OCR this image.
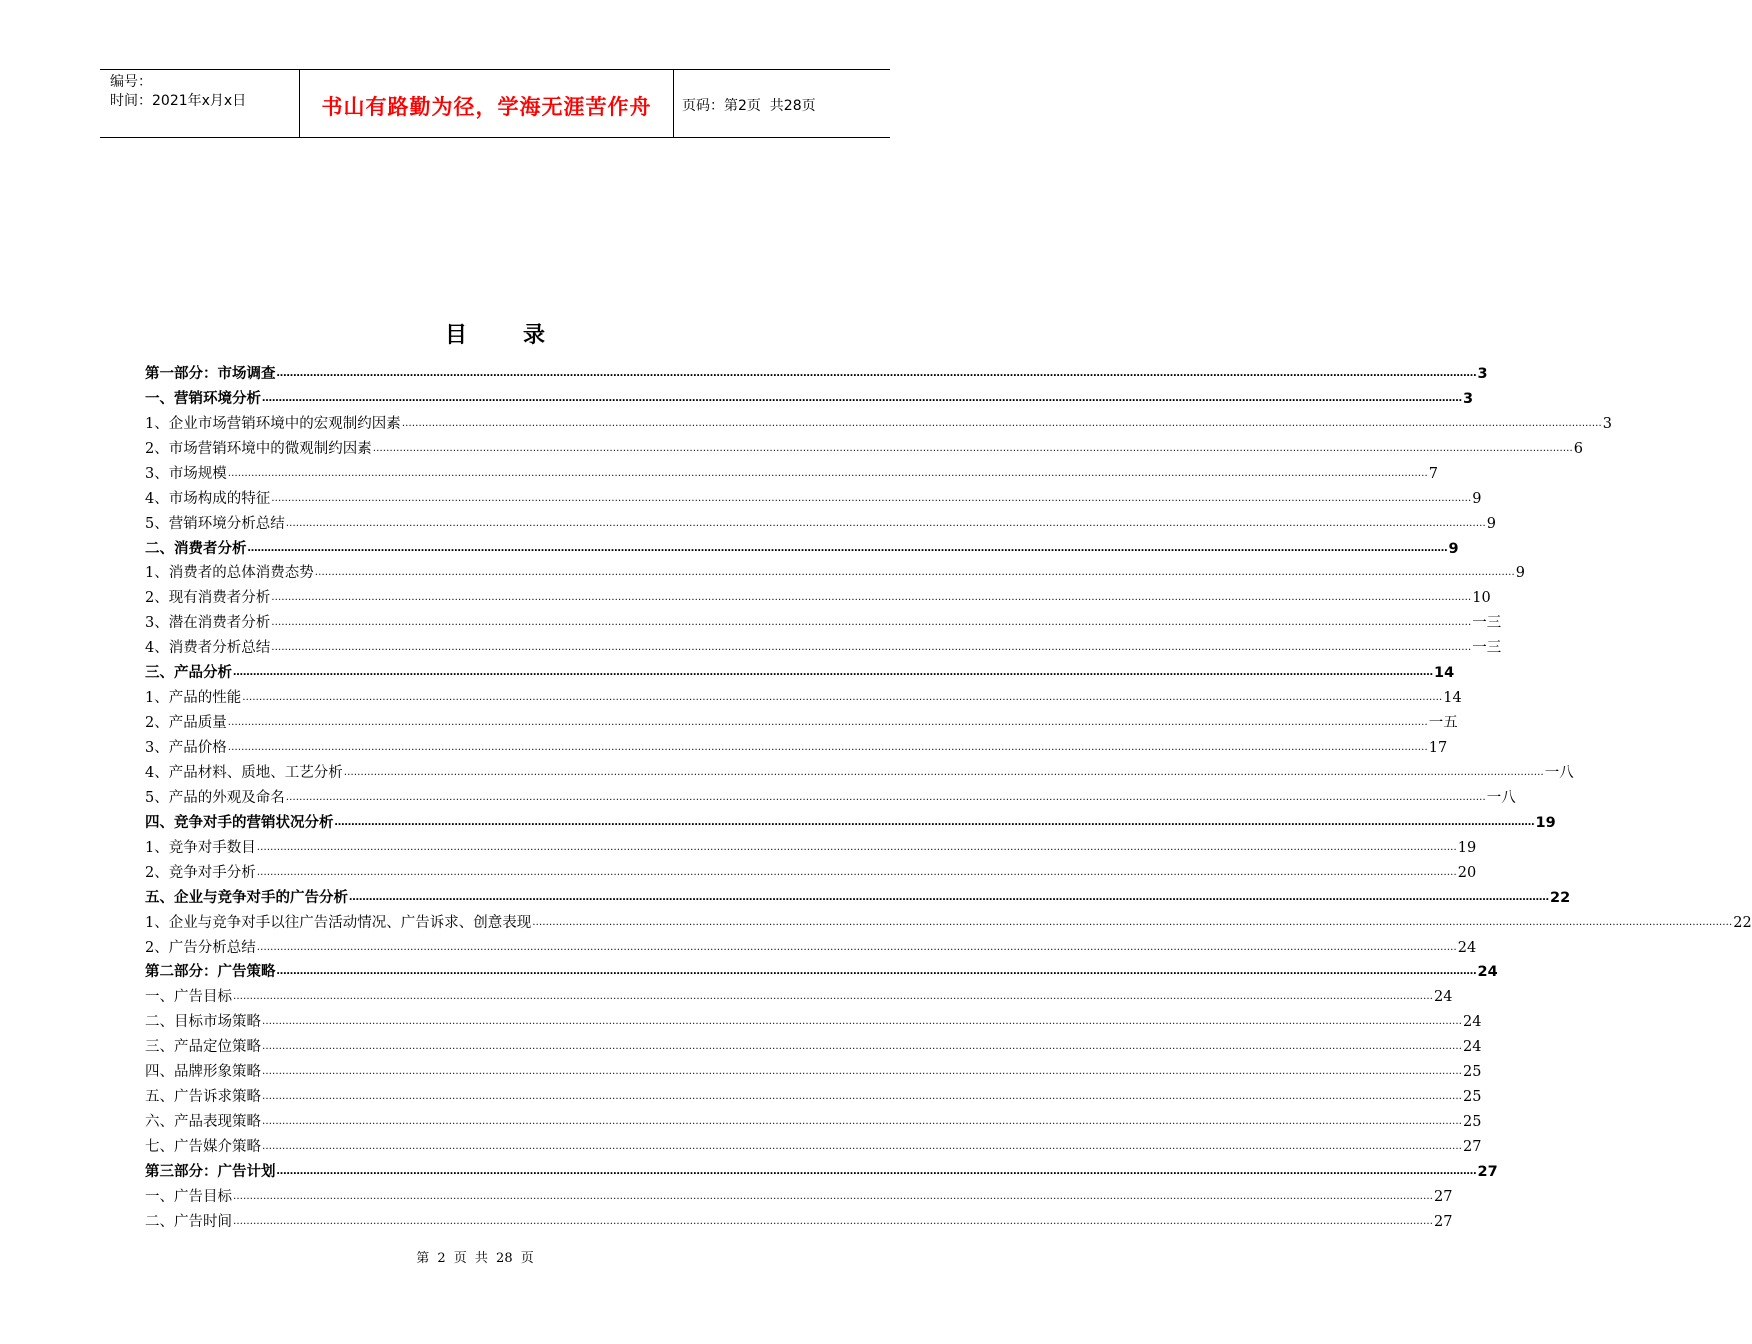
编号：
时间：2021年x月x日	书山有路勤为径，学海无涯苦作舟	页码：第2页  共28页
目	录
第一部分：市场调查 ……………………………………………………………………………………………………………………………………………………………………………………………………………………………………………………………………………………………………………………………… 3
一、营销环境分析 ……………………………………………………………………………………………………………………………………………………………………………………………………………………………………………………………………………………………………………………………… 3
1、企业市场营销环境中的宏观制约因素 ……………………………………………………………………………………………………………………………………………………………………………………………………………………………………………………………………………………………………………………………… 3
2、市场营销环境中的微观制约因素 ……………………………………………………………………………………………………………………………………………………………………………………………………………………………………………………………………………………………………………………………… 6
3、市场规模 ……………………………………………………………………………………………………………………………………………………………………………………………………………………………………………………………………………………………………………………………… 7
4、市场构成的特征 ……………………………………………………………………………………………………………………………………………………………………………………………………………………………………………………………………………………………………………………………… 9
5、营销环境分析总结 ……………………………………………………………………………………………………………………………………………………………………………………………………………………………………………………………………………………………………………………………… 9
二、消费者分析 ……………………………………………………………………………………………………………………………………………………………………………………………………………………………………………………………………………………………………………………………… 9
1、消费者的总体消费态势 ……………………………………………………………………………………………………………………………………………………………………………………………………………………………………………………………………………………………………………………………… 9
2、现有消费者分析 ……………………………………………………………………………………………………………………………………………………………………………………………………………………………………………………………………………………………………………………………… 10
3、潜在消费者分析 ……………………………………………………………………………………………………………………………………………………………………………………………………………………………………………………………………………………………………………………………… 一三
4、消费者分析总结 ……………………………………………………………………………………………………………………………………………………………………………………………………………………………………………………………………………………………………………………………… 一三
三、产品分析 ……………………………………………………………………………………………………………………………………………………………………………………………………………………………………………………………………………………………………………………………… 14
1、产品的性能 ……………………………………………………………………………………………………………………………………………………………………………………………………………………………………………………………………………………………………………………………… 14
2、产品质量 ……………………………………………………………………………………………………………………………………………………………………………………………………………………………………………………………………………………………………………………………… 一五
3、产品价格 ……………………………………………………………………………………………………………………………………………………………………………………………………………………………………………………………………………………………………………………………… 17
4、产品材料、质地、工艺分析 ……………………………………………………………………………………………………………………………………………………………………………………………………………………………………………………………………………………………………………………………… 一八
5、产品的外观及命名 ……………………………………………………………………………………………………………………………………………………………………………………………………………………………………………………………………………………………………………………………… 一八
四、竞争对手的营销状况分析 ……………………………………………………………………………………………………………………………………………………………………………………………………………………………………………………………………………………………………………………………… 19
1、竞争对手数目 ……………………………………………………………………………………………………………………………………………………………………………………………………………………………………………………………………………………………………………………………… 19
2、竞争对手分析 ……………………………………………………………………………………………………………………………………………………………………………………………………………………………………………………………………………………………………………………………… 20
五、企业与竞争对手的广告分析 ……………………………………………………………………………………………………………………………………………………………………………………………………………………………………………………………………………………………………………………………… 22
1、企业与竞争对手以往广告活动情况、广告诉求、创意表现 ……………………………………………………………………………………………………………………………………………………………………………………………………………………………………………………………………………………………………………………………… 22
2、广告分析总结 ……………………………………………………………………………………………………………………………………………………………………………………………………………………………………………………………………………………………………………………………… 24
第二部分：广告策略 ……………………………………………………………………………………………………………………………………………………………………………………………………………………………………………………………………………………………………………………………… 24
一、广告目标 ……………………………………………………………………………………………………………………………………………………………………………………………………………………………………………………………………………………………………………………………… 24
二、目标市场策略 ……………………………………………………………………………………………………………………………………………………………………………………………………………………………………………………………………………………………………………………………… 24
三、产品定位策略 ……………………………………………………………………………………………………………………………………………………………………………………………………………………………………………………………………………………………………………………………… 24
四、品牌形象策略 ……………………………………………………………………………………………………………………………………………………………………………………………………………………………………………………………………………………………………………………………… 25
五、广告诉求策略 ……………………………………………………………………………………………………………………………………………………………………………………………………………………………………………………………………………………………………………………………… 25
六、产品表现策略 ……………………………………………………………………………………………………………………………………………………………………………………………………………………………………………………………………………………………………………………………… 25
七、广告媒介策略 ……………………………………………………………………………………………………………………………………………………………………………………………………………………………………………………………………………………………………………………………… 27
第三部分：广告计划 ……………………………………………………………………………………………………………………………………………………………………………………………………………………………………………………………………………………………………………………………… 27
一、广告目标 ……………………………………………………………………………………………………………………………………………………………………………………………………………………………………………………………………………………………………………………………… 27
二、广告时间 ……………………………………………………………………………………………………………………………………………………………………………………………………………………………………………………………………………………………………………………………… 27
第 2 页 共 28 页
